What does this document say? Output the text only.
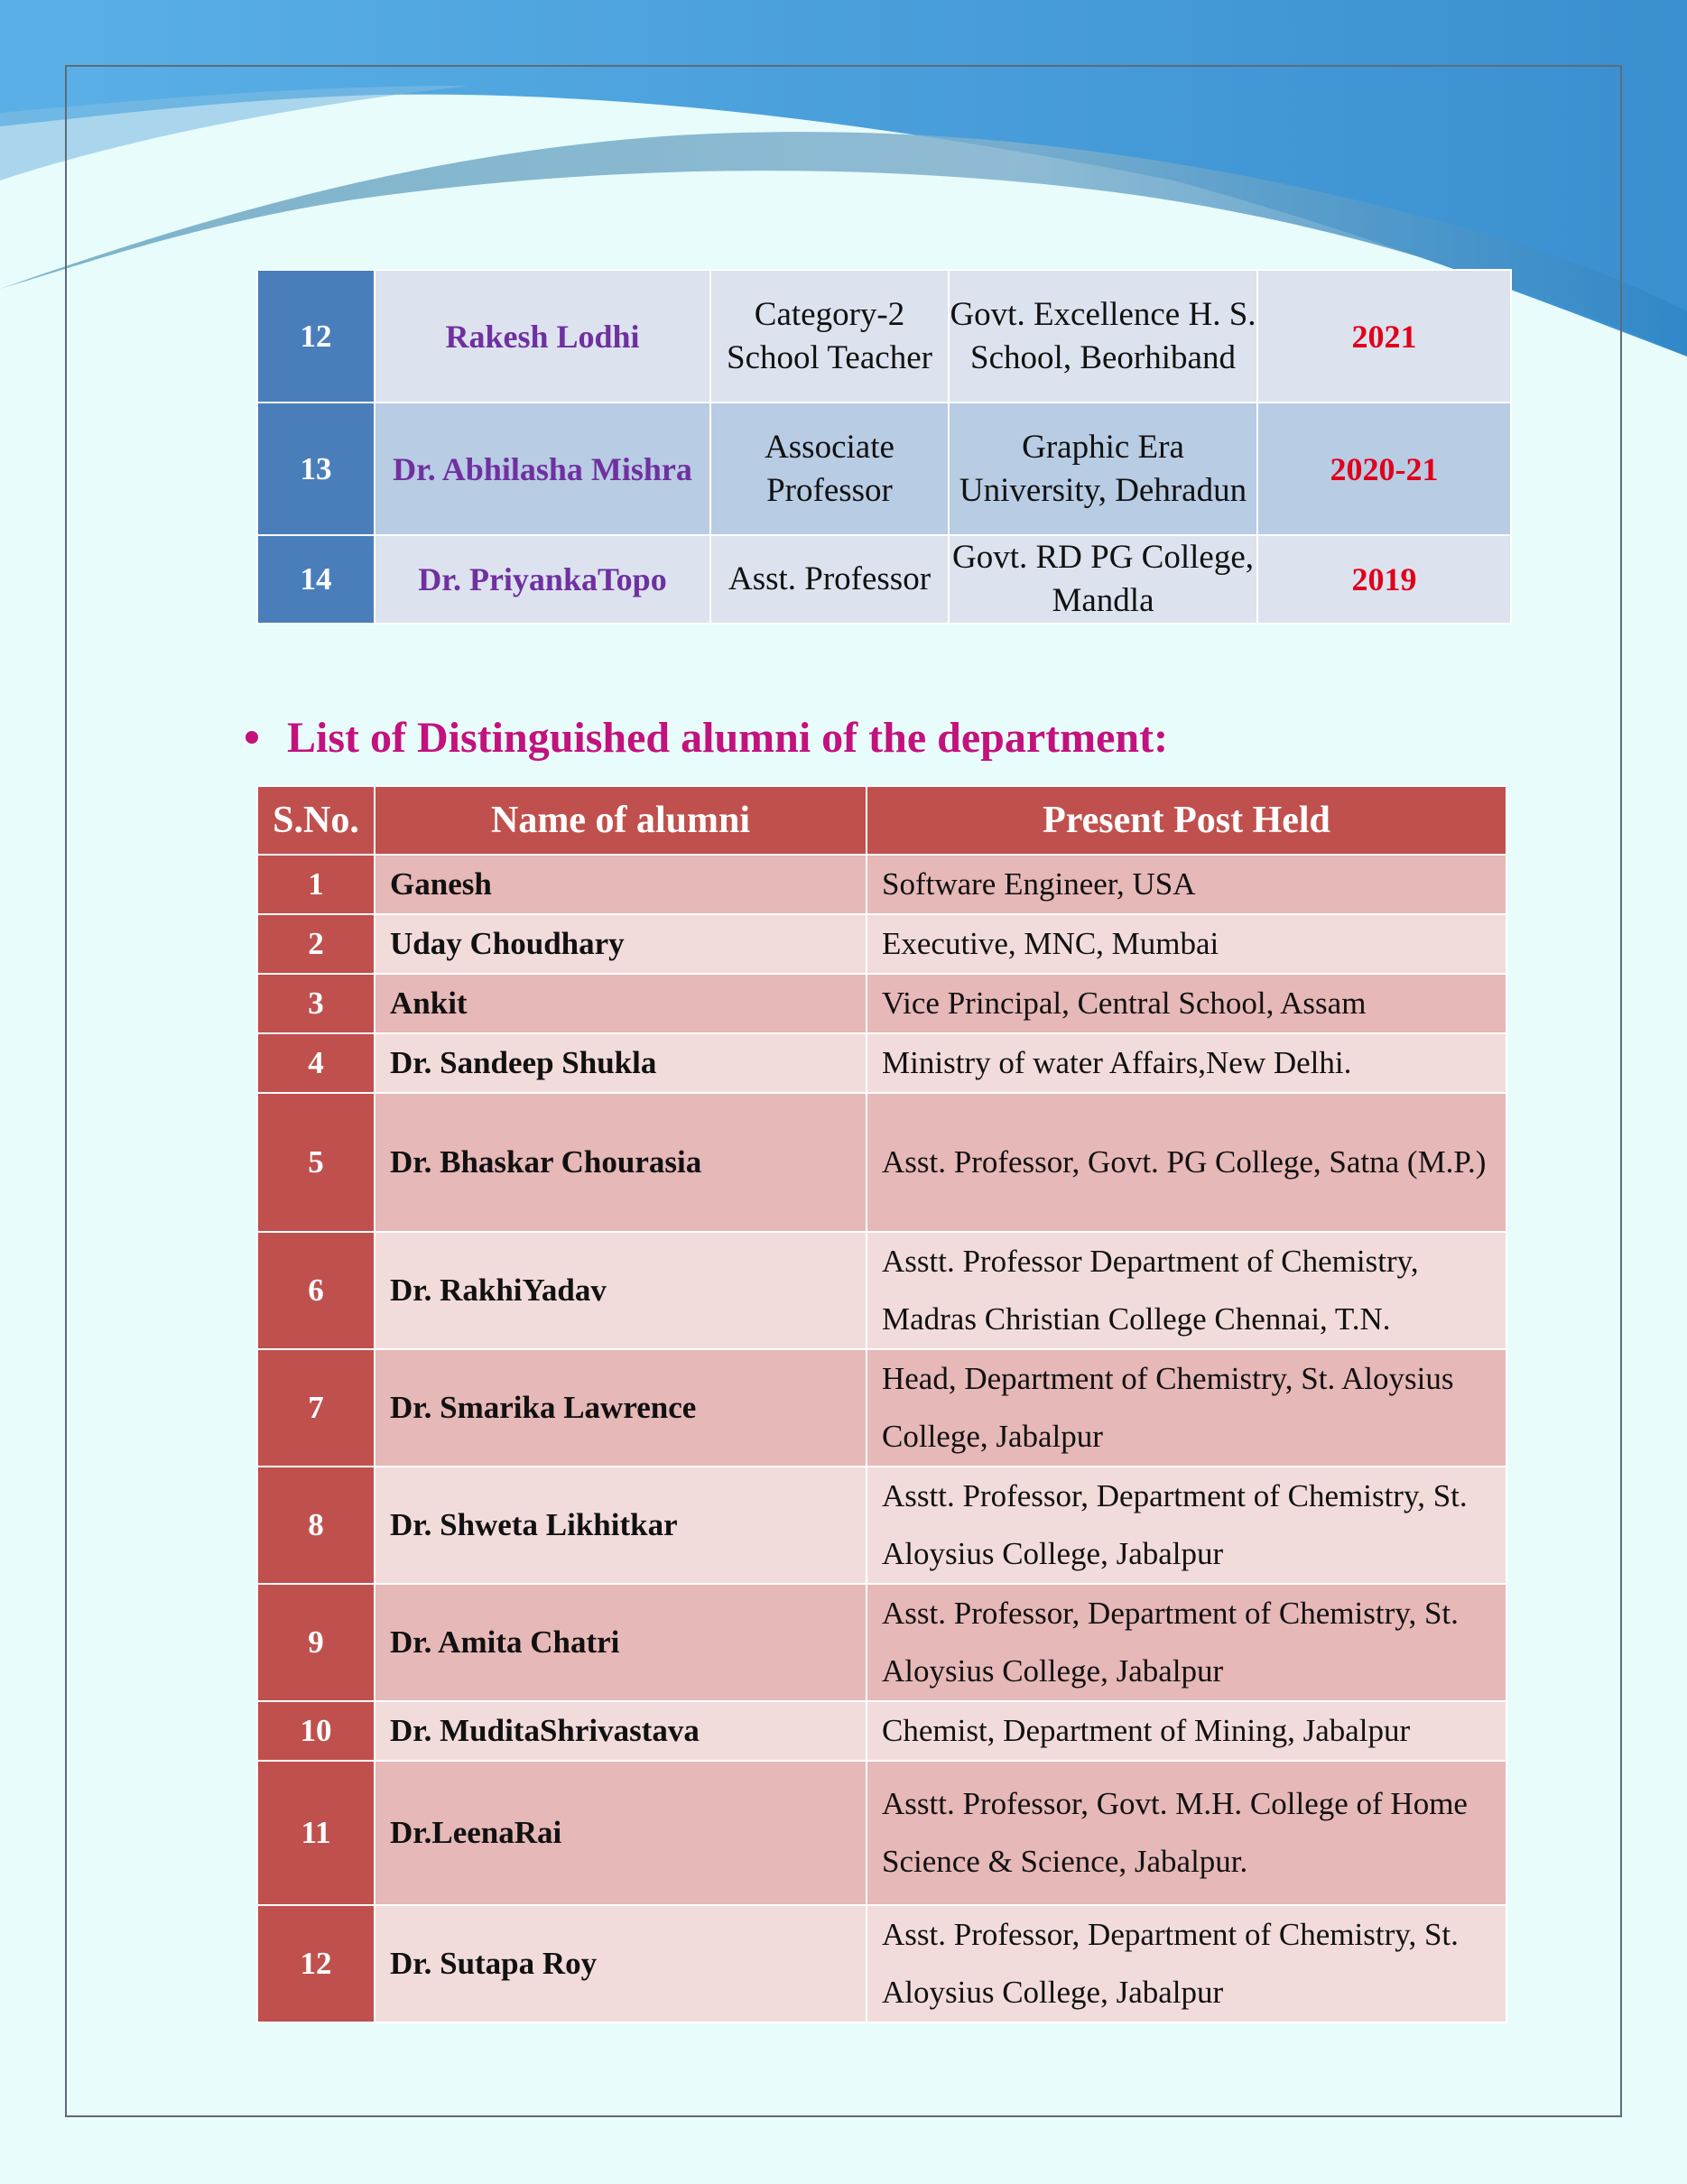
12	Rakesh Lodhi	Category-2 School Teacher	Govt. Excellence H. S. School, Beorhiband	2021
13	Dr. Abhilasha Mishra	Associate Professor	Graphic Era University, Dehradun	2020-21
14	Dr. PriyankaTopo	Asst. Professor	Govt. RD PG College, Mandla	2019
List of Distinguished alumni of the department:
S.No.	Name of alumni	Present Post Held
1	Ganesh	Software Engineer, USA
2	Uday Choudhary	Executive, MNC, Mumbai
3	Ankit	Vice Principal, Central School, Assam
4	Dr. Sandeep Shukla	Ministry of water Affairs,New Delhi.
5	Dr. Bhaskar Chourasia	Asst. Professor, Govt. PG College, Satna (M.P.)
6	Dr. RakhiYadav	Asstt. Professor Department of Chemistry, Madras Christian College Chennai, T.N.
7	Dr. Smarika Lawrence	Head, Department of Chemistry, St. Aloysius College, Jabalpur
8	Dr. Shweta Likhitkar	Asstt. Professor, Department of Chemistry, St. Aloysius College, Jabalpur
9	Dr. Amita Chatri	Asst. Professor, Department of Chemistry, St. Aloysius College, Jabalpur
10	Dr. MuditaShrivastava	Chemist, Department of Mining, Jabalpur
11	Dr.LeenaRai	Asstt. Professor, Govt. M.H. College of Home Science & Science, Jabalpur.
12	Dr. Sutapa Roy	Asst. Professor, Department of Chemistry, St. Aloysius College, Jabalpur
